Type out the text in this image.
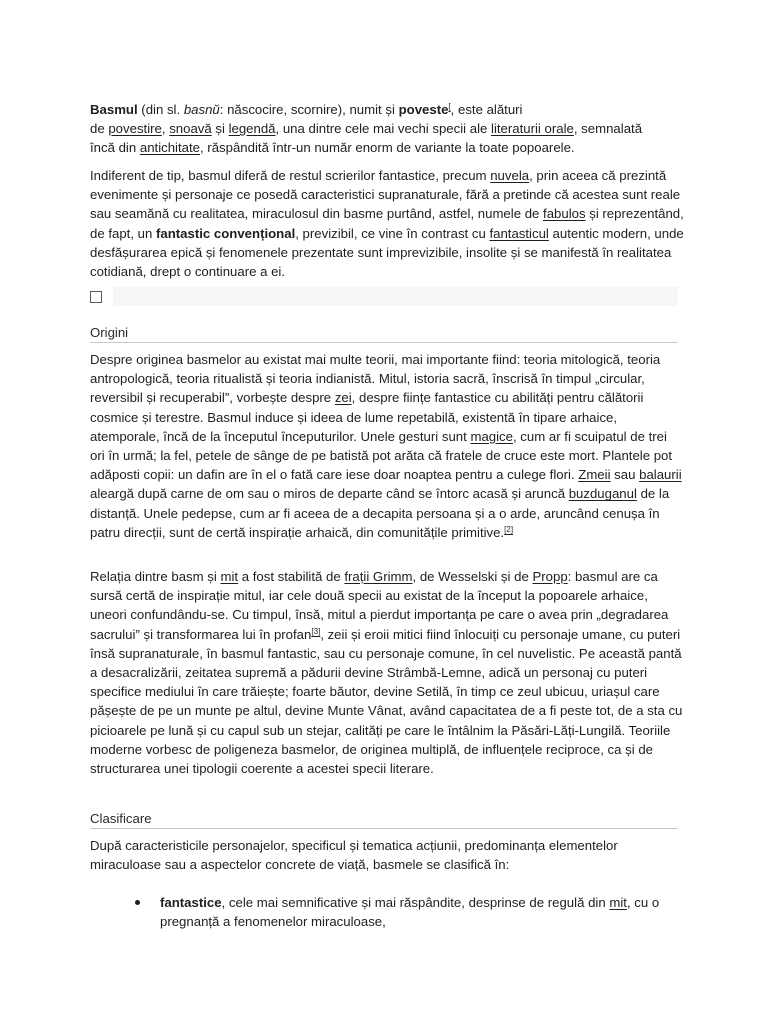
Basmul (din sl. basnŭ: născocire, scornire), numit și poveste[, este alături
de povestire, snoavă și legendă, una dintre cele mai vechi specii ale literaturii orale, semnalată
încă din antichitate, răspândită într-un număr enorm de variante la toate popoarele.

Indiferent de tip, basmul diferă de restul scrierilor fantastice, precum nuvela, prin aceea că prezintă evenimente și personaje ce posedă caracteristici supranaturale, fără a pretinde că acestea sunt reale sau seamănă cu realitatea, miraculosul din basme purtând, astfel, numele de fabulos și reprezentând, de fapt, un fantastic convențional, previzibil, ce vine în contrast cu fantasticul autentic modern, unde desfășurarea epică și fenomenele prezentate sunt imprevizibile, insolite și se manifestă în realitatea cotidiană, drept o continuare a ei.

Origini

Despre originea basmelor au existat mai multe teorii, mai importante fiind: teoria mitologică, teoria antropologică, teoria ritualistă și teoria indianistă. Mitul, istoria sacră, înscrisă în timpul „circular, reversibil și recuperabil”, vorbește despre zei, despre ființe fantastice cu abilități pentru călătorii cosmice și terestre. Basmul induce și ideea de lume repetabilă, existentă în tipare arhaice, atemporale, încă de la începutul începuturilor. Unele gesturi sunt magice, cum ar fi scuipatul de trei ori în urmă; la fel, petele de sânge de pe batistă pot arăta că fratele de cruce este mort. Plantele pot adăposti copii: un dafin are în el o fată care iese doar noaptea pentru a culege flori. Zmeii sau balaurii aleargă după carne de om sau o miros de departe când se întorc acasă și aruncă buzduganul de la distanță. Unele pedepse, cum ar fi aceea de a decapita persoana și a o arde, aruncând cenușa în patru direcții, sunt de certă inspirație arhaică, din comunitățile primitive.[2]

Relația dintre basm și mit a fost stabilită de frații Grimm, de Wesselski și de Propp: basmul are ca sursă certă de inspirație mitul, iar cele două specii au existat de la început la popoarele arhaice, uneori confundându-se. Cu timpul, însă, mitul a pierdut importanța pe care o avea prin „degradarea sacrului” și transformarea lui în profan[3], zeii și eroii mitici fiind înlocuiți cu personaje umane, cu puteri însă supranaturale, în basmul fantastic, sau cu personaje comune, în cel nuvelistic. Pe această pantă a desacralizării, zeitatea supremă a pădurii devine Strâmbă-Lemne, adică un personaj cu puteri specifice mediului în care trăiește; foarte băutor, devine Setilă, în timp ce zeul ubicuu, uriașul care pășește de pe un munte pe altul, devine Munte Vânat, având capacitatea de a fi peste tot, de a sta cu picioarele pe lună și cu capul sub un stejar, calități pe care le întâlnim la Păsări-Lăți-Lungilă. Teoriile moderne vorbesc de poligeneza basmelor, de originea multiplă, de influențele reciproce, ca și de structurarea unei tipologii coerente a acestei specii literare.

Clasificare

După caracteristicile personajelor, specificul și tematica acțiunii, predominanța elementelor miraculoase sau a aspectelor concrete de viață, basmele se clasifică în:

fantastice, cele mai semnificative și mai răspândite, desprinse de regulă din mit, cu o pregnanță a fenomenelor miraculoase,
